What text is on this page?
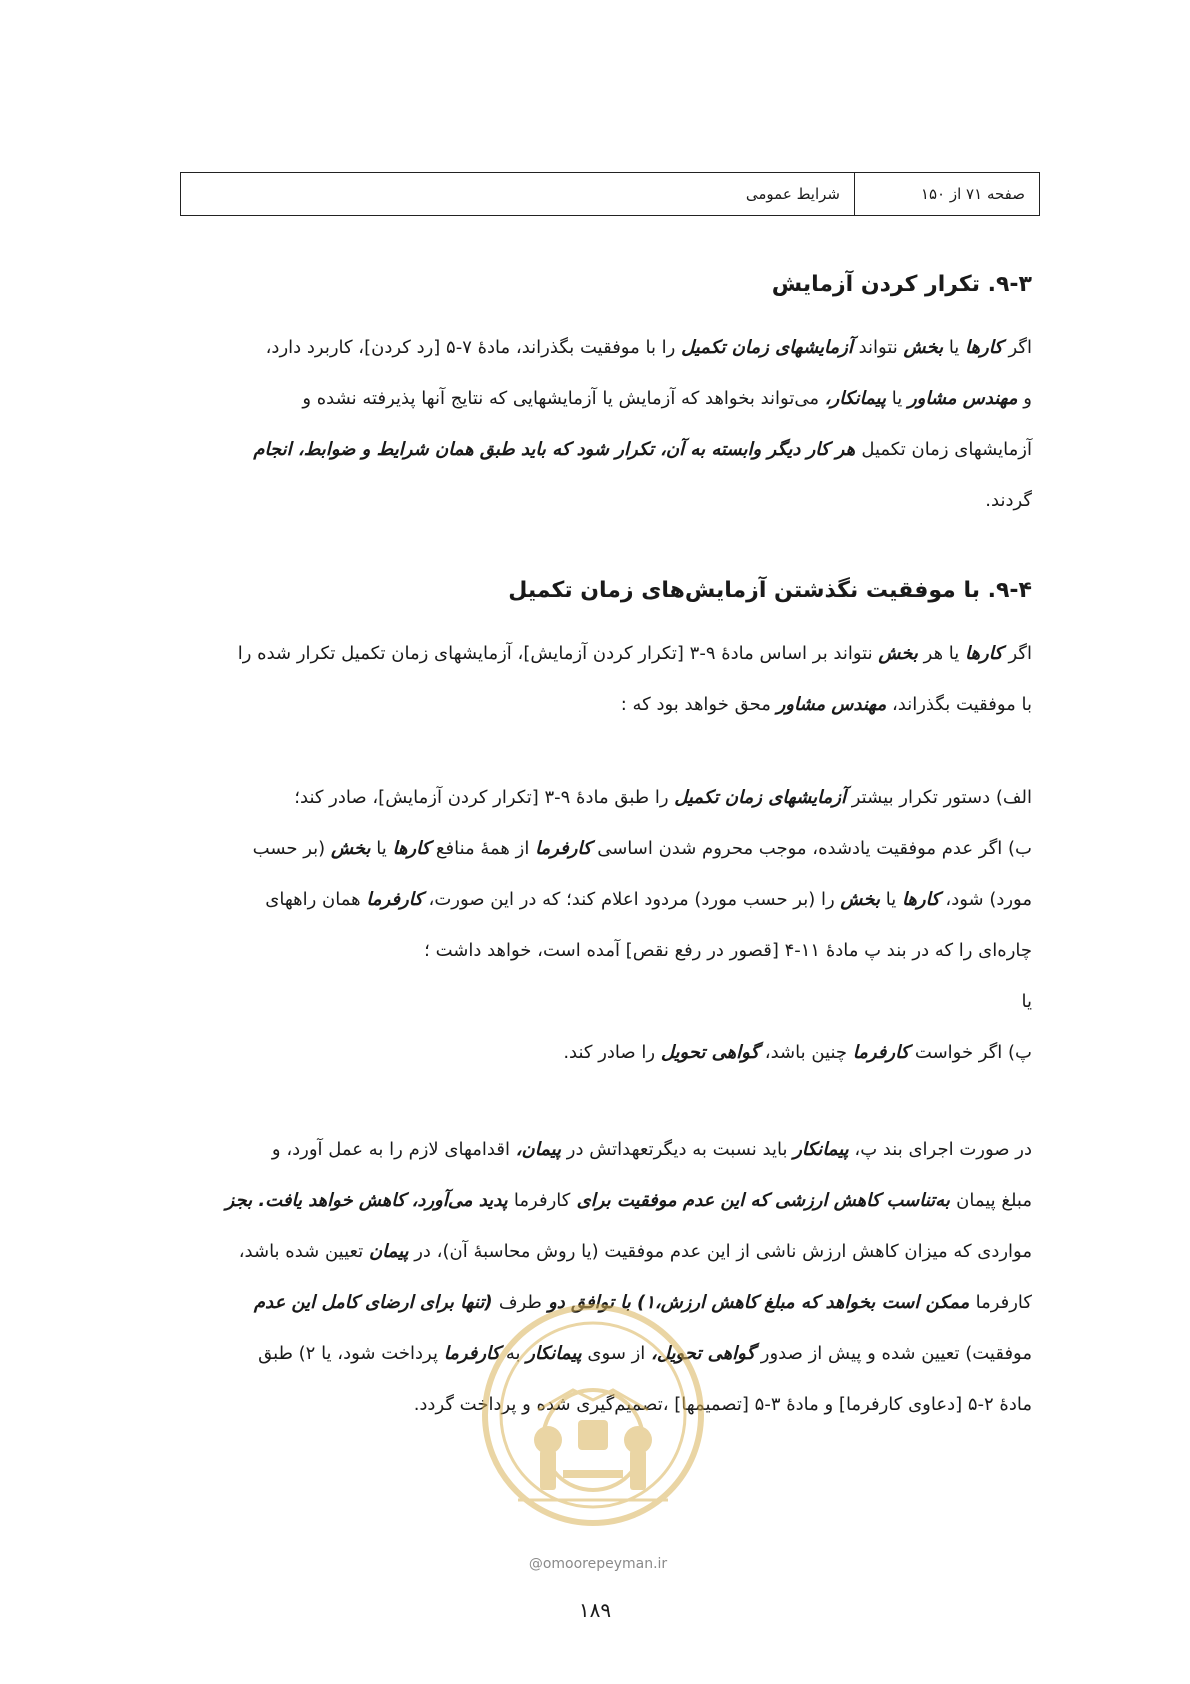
صفحه ۷۱ از ۱۵۰
شرایط عمومی
۹-۳. تکرار کردن آزمایش

اگر کارها یا بخش نتواند آزمایشهای زمان تکمیل را با موفقیت بگذراند، مادهٔ ۷-۵ [رد کردن]، کاربرد دارد،
و مهندس مشاور یا پیمانکار، می‌تواند بخواهد که آزمایش یا آزمایشهایی که نتایج آنها پذیرفته نشده و
آزمایشهای زمان تکمیل هر کار دیگر وابسته به آن، تکرار شود که باید طبق همان شرایط و ضوابط، انجام
گردند.

۹-۴. با موفقیت نگذشتن آزمایش‌های زمان تکمیل

اگر کارها یا هر بخش نتواند بر اساس مادهٔ ۹-۳ [تکرار کردن آزمایش]، آزمایشهای زمان تکمیل تکرار شده را
با موفقیت بگذراند، مهندس مشاور محق خواهد بود که :

الف) دستور تکرار بیشتر آزمایشهای زمان تکمیل را طبق مادهٔ ۹-۳ [تکرار کردن آزمایش]، صادر کند؛
ب) اگر عدم موفقیت یادشده، موجب محروم شدن اساسی کارفرما از همهٔ منافع کارها یا بخش (بر حسب
مورد) شود، کارها یا بخش را (بر حسب مورد) مردود اعلام کند؛ که در این صورت، کارفرما همان راههای
چاره‌ای را که در بند پ مادهٔ ۱۱-۴ [قصور در رفع نقص] آمده است، خواهد داشت ؛
یا
پ) اگر خواست کارفرما چنین باشد، گواهی تحویل را صادر کند.

در صورت اجرای بند پ، پیمانکار باید نسبت به دیگرتعهداتش در پیمان، اقدامهای لازم را به عمل آورد، و
مبلغ پیمان به‌تناسب کاهش ارزشی که این عدم موفقیت برای کارفرما پدید می‌آورد، کاهش خواهد یافت. بجز
مواردی که میزان کاهش ارزش ناشی از این عدم موفقیت (یا روش محاسبهٔ آن)، در پیمان تعیین شده باشد،
کارفرما ممکن است بخواهد که مبلغ کاهش ارزش،۱) با توافق دو طرف (تنها برای ارضای کامل این عدم
موفقیت) تعیین شده و پیش از صدور گواهی تحویل، از سوی پیمانکار به کارفرما پرداخت شود، یا ۲) طبق
مادهٔ ۲-۵ [دعاوی کارفرما] و مادهٔ ۳-۵ [تصمیمها] ،تصمیم‌گیری شده و پرداخت گردد.

@omoorepeyman.ir
۱۸۹
